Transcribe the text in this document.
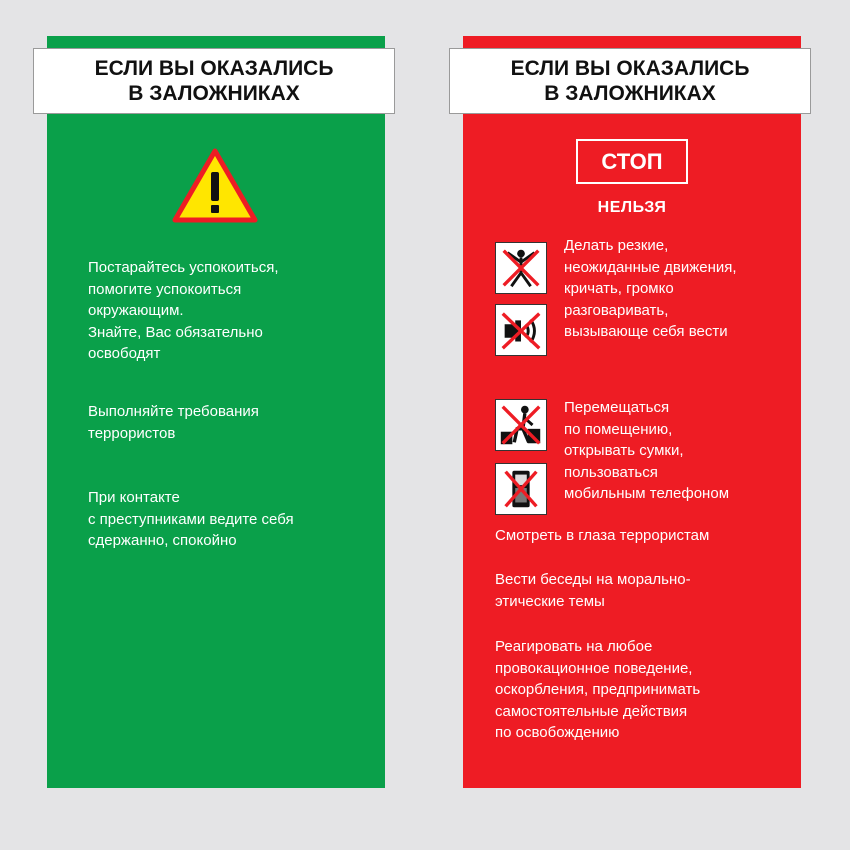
ЕСЛИ ВЫ ОКАЗАЛИСЬ
В ЗАЛОЖНИКАХ

Постарайтесь успокоиться,
помогите успокоиться
окружающим.
Знайте, Вас обязательно
освободят

Выполняйте требования
террористов

При контакте
с преступниками ведите себя
сдержанно, спокойно

ЕСЛИ ВЫ ОКАЗАЛИСЬ
В ЗАЛОЖНИКАХ
СТОП
НЕЛЬЗЯ

Делать резкие,
неожиданные движения,
кричать, громко
разговаривать,
вызывающе себя вести

Перемещаться
по помещению,
открывать сумки,
пользоваться
мобильным телефоном

Смотреть в глаза террористам

Вести беседы на морально-
этические темы

Реагировать на любое
провокационное поведение,
оскорбления, предпринимать
самостоятельные действия
по освобождению
